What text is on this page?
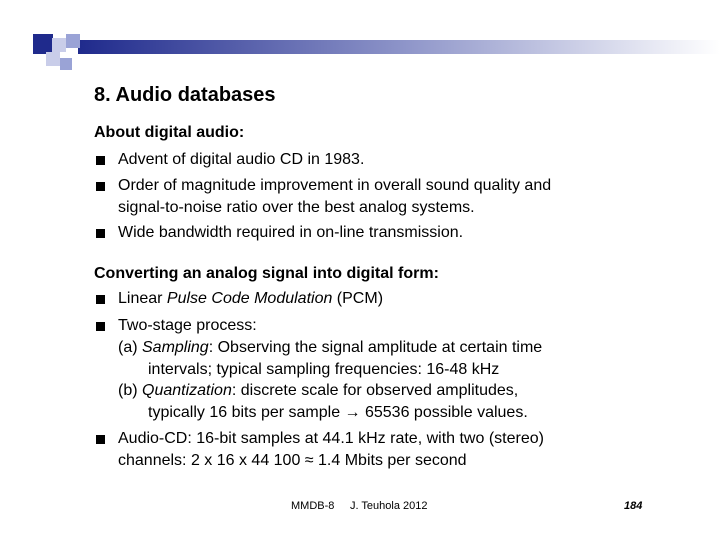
8. Audio databases
About digital audio:
Advent of digital audio CD in 1983.
Order of magnitude improvement in overall sound quality and
signal-to-noise ratio over the best analog systems.
Wide bandwidth required in on-line transmission.
Converting an analog signal into digital form:
Linear Pulse Code Modulation (PCM)
Two-stage process:
(a) Sampling: Observing the signal amplitude at certain time
intervals; typical sampling frequencies: 16-48 kHz
(b) Quantization: discrete scale for observed amplitudes,
typically 16 bits per sample → 65536 possible values.
Audio-CD: 16-bit samples at 44.1 kHz rate, with two (stereo)
channels: 2 x 16 x 44 100 ≈ 1.4 Mbits per second
MMDB-8 J. Teuhola 2012	184
